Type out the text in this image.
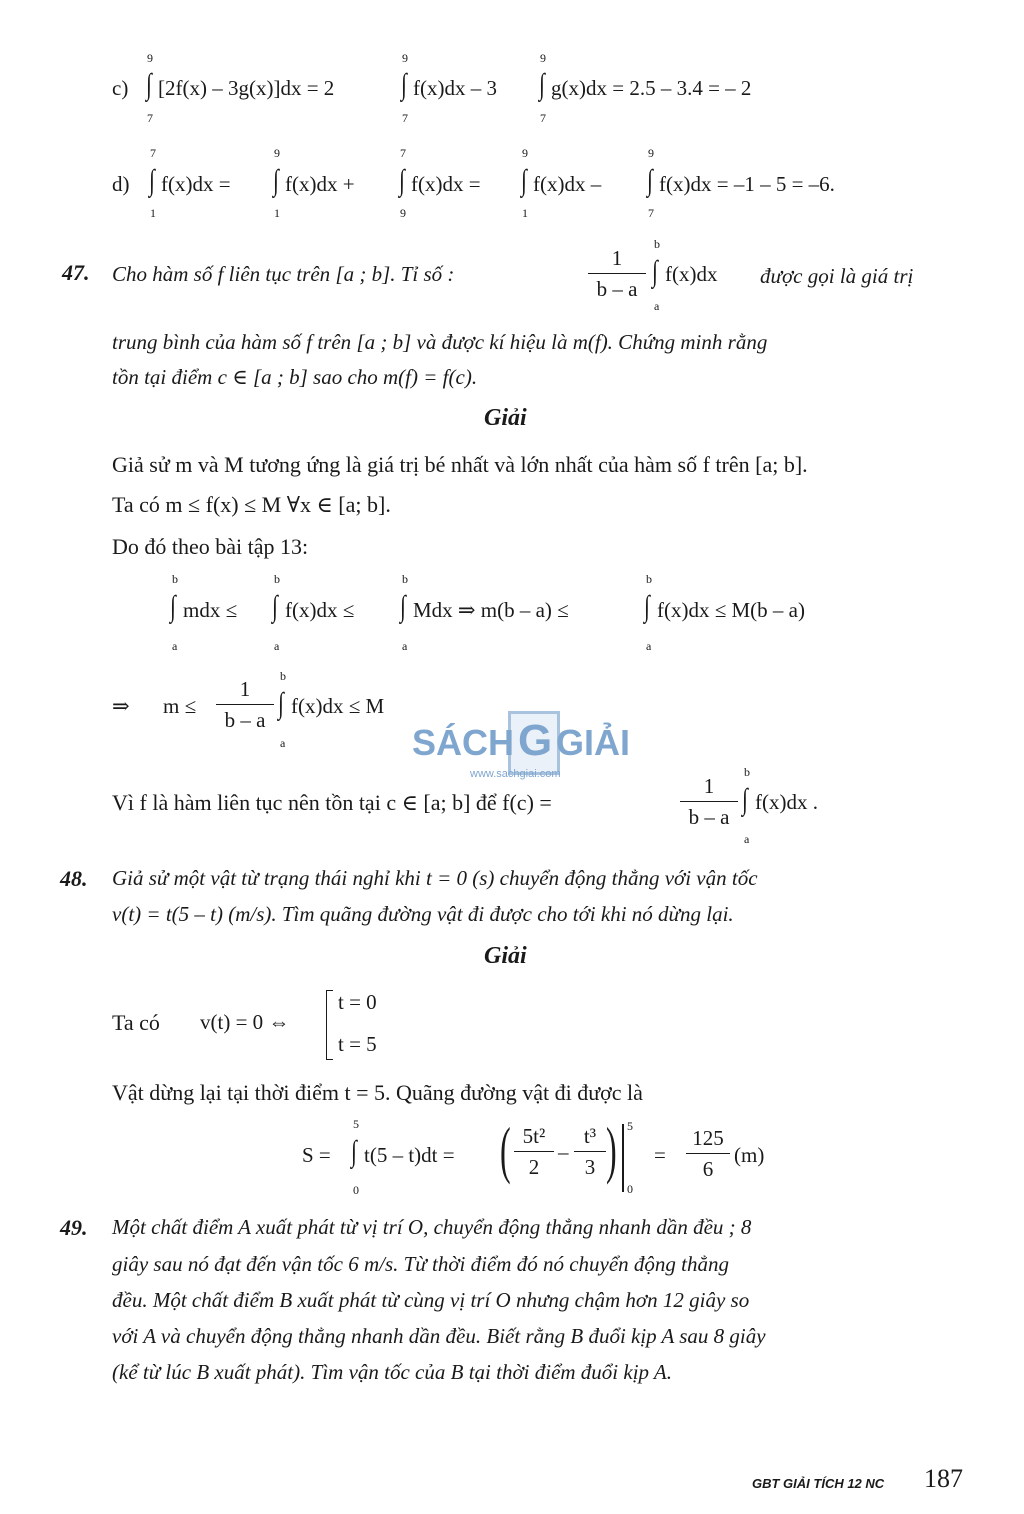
c)
9
∫
7
[2f(x) – 3g(x)]dx = 2
9
∫
7
f(x)dx – 3
9
∫
7
g(x)dx = 2.5 – 3.4 = – 2
d)
7
∫
1
f(x)dx =
9
∫
1
f(x)dx +
7
∫
9
f(x)dx =
9
∫
1
f(x)dx –
9
∫
7
f(x)dx = –1 – 5 = –6.
47. Cho hàm số f liên tục trên [a ; b]. Tỉ số :	$\frac{1}{b - a}$
b
∫
a
f(x)dx được gọi là giá trị
trung bình của hàm số f trên [a ; b] và được kí hiệu là m(f). Chứng minh rằng
tồn tại điểm c ∈ [a ; b] sao cho m(f) = f(c).
Giải
Giả sử m và M tương ứng là giá trị bé nhất và lớn nhất của hàm số f trên [a; b].
Ta có m ≤ f(x) ≤ M ∀x ∈ [a; b].
Do đó theo bài tập 13:
b
∫
a
mdx ≤
b
∫
a
f(x)dx ≤
b
∫
a
Mdx ⇒ m(b – a) ≤
b
∫
a
f(x)dx ≤ M(b – a)
⇒ $m \le \frac{1}{b - a}$
b
∫
a
f(x)dx ≤ M
Vì f là hàm liên tục nên tồn tại c ∈ [a; b] để f(c) =	$\frac{1}{b - a}$
b
∫
a
f(x)dx .
SÁCH G GIẢI
www.sachgiai.com
48. Giả sử một vật từ trạng thái nghỉ khi t = 0 (s) chuyển động thẳng với vận tốc
v(t) = t(5 – t) (m/s). Tìm quãng đường vật đi được cho tới khi nó dừng lại.
Giải
Ta có v(t) = 0 ⇔
t = 0
t = 5
Vật dừng lại tại thời điểm t = 5. Quãng đường vật đi được là
S =
5
∫
0
t(5 – t)dt = ( $\frac{\text{5t²}}{2} - \frac{\text{t³}}{3}$ ) 5
0
= $\frac{125}{6} (m)$
49. Một chất điểm A xuất phát từ vị trí O, chuyển động thẳng nhanh dần đều ; 8
giây sau nó đạt đến vận tốc 6 m/s. Từ thời điểm đó nó chuyển động thẳng
đều. Một chất điểm B xuất phát từ cùng vị trí O nhưng chậm hơn 12 giây so
với A và chuyển động thẳng nhanh dần đều. Biết rằng B đuổi kịp A sau 8 giây
(kể từ lúc B xuất phát). Tìm vận tốc của B tại thời điểm đuổi kịp A.
GBT GIẢI TÍCH 12 NC 187
